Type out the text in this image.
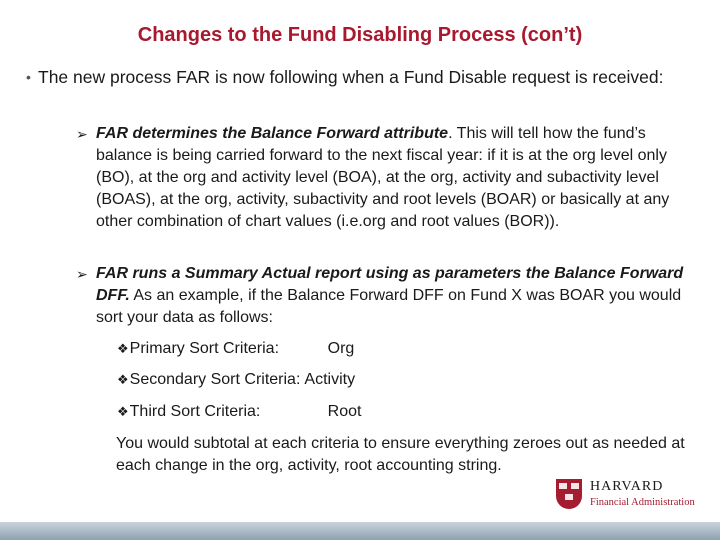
Changes to the Fund Disabling Process (con’t)
• The new process FAR is now following when a Fund Disable request is received:
➢ FAR determines the Balance Forward attribute. This will tell how the fund’s balance is being carried forward to the next fiscal year: if it is at the org level only (BO), at the org and activity level (BOA), at the org, activity and subactivity level (BOAS), at the org, activity, subactivity and root levels (BOAR) or basically at any other combination of chart values (i.e.org and root values (BOR)).
➢ FAR runs a Summary Actual report using as parameters the Balance Forward DFF. As an example, if the Balance Forward DFF on Fund X was BOAR you would sort your data as follows:
❖Primary Sort Criteria:	Org
❖Secondary Sort Criteria: Activity
❖Third Sort Criteria:	Root
You would subtotal at each criteria to ensure everything zeroes out as needed at each change in the org, activity, root accounting string.
HARVARD
Financial Administration
